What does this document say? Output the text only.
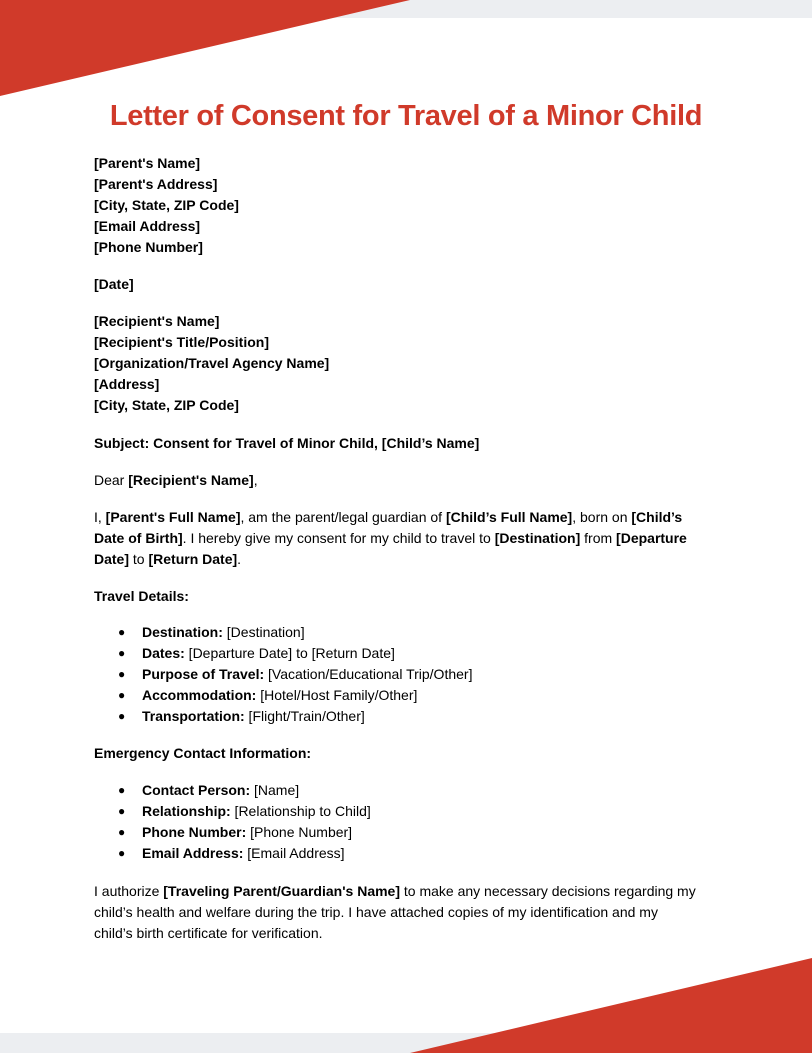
Letter of Consent for Travel of a Minor Child
[Parent's Name]
[Parent's Address]
[City, State, ZIP Code]
[Email Address]
[Phone Number]
[Date]
[Recipient's Name]
[Recipient's Title/Position]
[Organization/Travel Agency Name]
[Address]
[City, State, ZIP Code]
Subject: Consent for Travel of Minor Child, [Child’s Name]
Dear [Recipient's Name],
I, [Parent's Full Name], am the parent/legal guardian of [Child’s Full Name], born on [Child’s
Date of Birth]. I hereby give my consent for my child to travel to [Destination] from [Departure
Date] to [Return Date].
Travel Details:
● Destination: [Destination]
● Dates: [Departure Date] to [Return Date]
● Purpose of Travel: [Vacation/Educational Trip/Other]
● Accommodation: [Hotel/Host Family/Other]
● Transportation: [Flight/Train/Other]
Emergency Contact Information:
● Contact Person: [Name]
● Relationship: [Relationship to Child]
● Phone Number: [Phone Number]
● Email Address: [Email Address]
I authorize [Traveling Parent/Guardian's Name] to make any necessary decisions regarding my
child’s health and welfare during the trip. I have attached copies of my identification and my
child’s birth certificate for verification.
